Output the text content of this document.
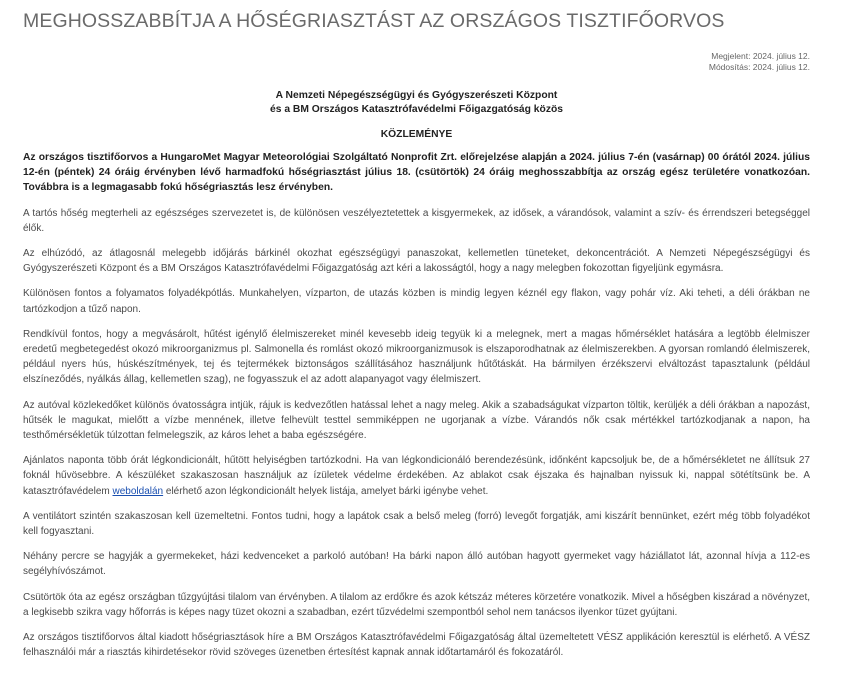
MEGHOSSZABBÍTJA A HŐSÉGRIASZTÁST AZ ORSZÁGOS TISZTIFŐORVOS
Megjelent: 2024. július 12.
Módosítás: 2024. július 12.

A Nemzeti Népegészségügyi és Gyógyszerészeti Központ

és a BM Országos Katasztrófavédelmi Főigazgatóság közös

KÖZLEMÉNYE

Az országos tisztifőorvos a HungaroMet Magyar Meteorológiai Szolgáltató Nonprofit Zrt. előrejelzése alapján a 2024. július 7-én (vasárnap) 00 órától 2024. július 12-én (péntek) 24 óráig érvényben lévő harmadfokú hőségriasztást július 18. (csütörtök) 24 óráig meghosszabbítja az ország egész területére vonatkozóan. Továbbra is a legmagasabb fokú hőségriasztás lesz érvényben.

A tartós hőség megterheli az egészséges szervezetet is, de különösen veszélyeztetettek a kisgyermekek, az idősek, a várandósok, valamint a szív- és érrendszeri betegséggel élők.

Az elhúzódó, az átlagosnál melegebb időjárás bárkinél okozhat egészségügyi panaszokat, kellemetlen tüneteket, dekoncentrációt. A Nemzeti Népegészségügyi és Gyógyszerészeti Központ és a BM Országos Katasztrófavédelmi Főigazgatóság azt kéri a lakosságtól, hogy a nagy melegben fokozottan figyeljünk egymásra.

Különösen fontos a folyamatos folyadékpótlás. Munkahelyen, vízparton, de utazás közben is mindig legyen kéznél egy flakon, vagy pohár víz. Aki teheti, a déli órákban ne tartózkodjon a tűző napon.

Rendkívül fontos, hogy a megvásárolt, hűtést igénylő élelmiszereket minél kevesebb ideig tegyük ki a melegnek, mert a magas hőmérséklet hatására a legtöbb élelmiszer eredetű megbetegedést okozó mikroorganizmus pl. Salmonella és romlást okozó mikroorganizmusok is elszaporodhatnak az élelmiszerekben. A gyorsan romlandó élelmiszerek, például nyers hús, húskészítmények, tej és tejtermékek biztonságos szállításához használjunk hűtőtáskát. Ha bármilyen érzékszervi elváltozást tapasztalunk (például elszíneződés, nyálkás állag, kellemetlen szag), ne fogyasszuk el az adott alapanyagot vagy élelmiszert.

Az autóval közlekedőket különös óvatosságra intjük, rájuk is kedvezőtlen hatással lehet a nagy meleg. Akik a szabadságukat vízparton töltik, kerüljék a déli órákban a napozást, hűtsék le magukat, mielőtt a vízbe mennének, illetve felhevült testtel semmiképpen ne ugorjanak a vízbe. Várandós nők csak mértékkel tartózkodjanak a napon, ha testhőmérsékletük túlzottan felmelegszik, az káros lehet a baba egészségére.

Ajánlatos naponta több órát légkondicionált, hűtött helyiségben tartózkodni. Ha van légkondicionáló berendezésünk, időnként kapcsoljuk be, de a hőmérsékletet ne állítsuk 27 foknál hűvösebbre. A készüléket szakaszosan használjuk az ízületek védelme érdekében. Az ablakot csak éjszaka és hajnalban nyissuk ki, nappal sötétítsünk be. A katasztrófavédelem weboldalán elérhető azon légkondicionált helyek listája, amelyet bárki igénybe vehet.

A ventilátort szintén szakaszosan kell üzemeltetni. Fontos tudni, hogy a lapátok csak a belső meleg (forró) levegőt forgatják, ami kiszárít bennünket, ezért még több folyadékot kell fogyasztani.

Néhány percre se hagyják a gyermekeket, házi kedvenceket a parkoló autóban! Ha bárki napon álló autóban hagyott gyermeket vagy háziállatot lát, azonnal hívja a 112-es segélyhívószámot.

Csütörtök óta az egész országban tűzgyújtási tilalom van érvényben. A tilalom az erdőkre és azok kétszáz méteres körzetére vonatkozik. Mivel a hőségben kiszárad a növényzet, a legkisebb szikra vagy hőforrás is képes nagy tüzet okozni a szabadban, ezért tűzvédelmi szempontból sehol nem tanácsos ilyenkor tüzet gyújtani.

Az országos tisztifőorvos által kiadott hőségriasztások híre a BM Országos Katasztrófavédelmi Főigazgatóság által üzemeltetett VÉSZ applikáción keresztül is elérhető. A VÉSZ felhasználói már a riasztás kihirdetésekor rövid szöveges üzenetben értesítést kapnak annak időtartamáról és fokozatáról.
